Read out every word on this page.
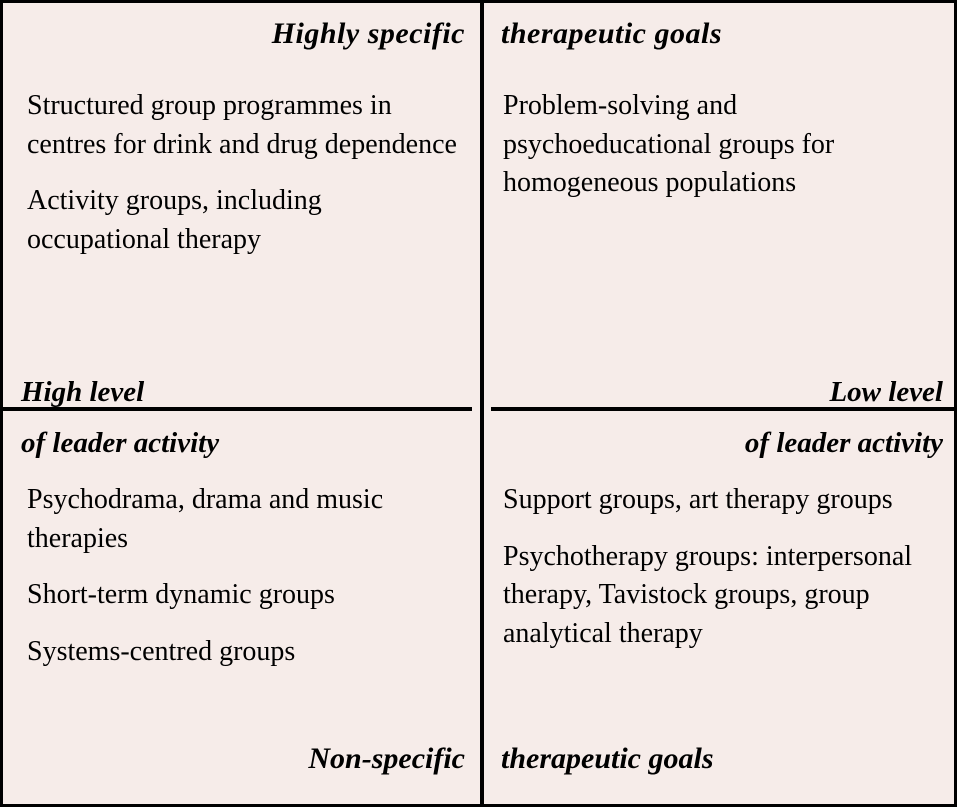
Highly specific therapeutic goals

Structured group programmes in centres for drink and drug dependence

Activity groups, including occupational therapy

Problem-solving and psychoeducational groups for homogeneous populations

High level
of leader activity
Low level
of leader activity

Psychodrama, drama and music therapies

Short-term dynamic groups

Systems-centred groups

Support groups, art therapy groups

Psychotherapy groups: interpersonal therapy, Tavistock groups, group analytical therapy

Non-specific therapeutic goals
